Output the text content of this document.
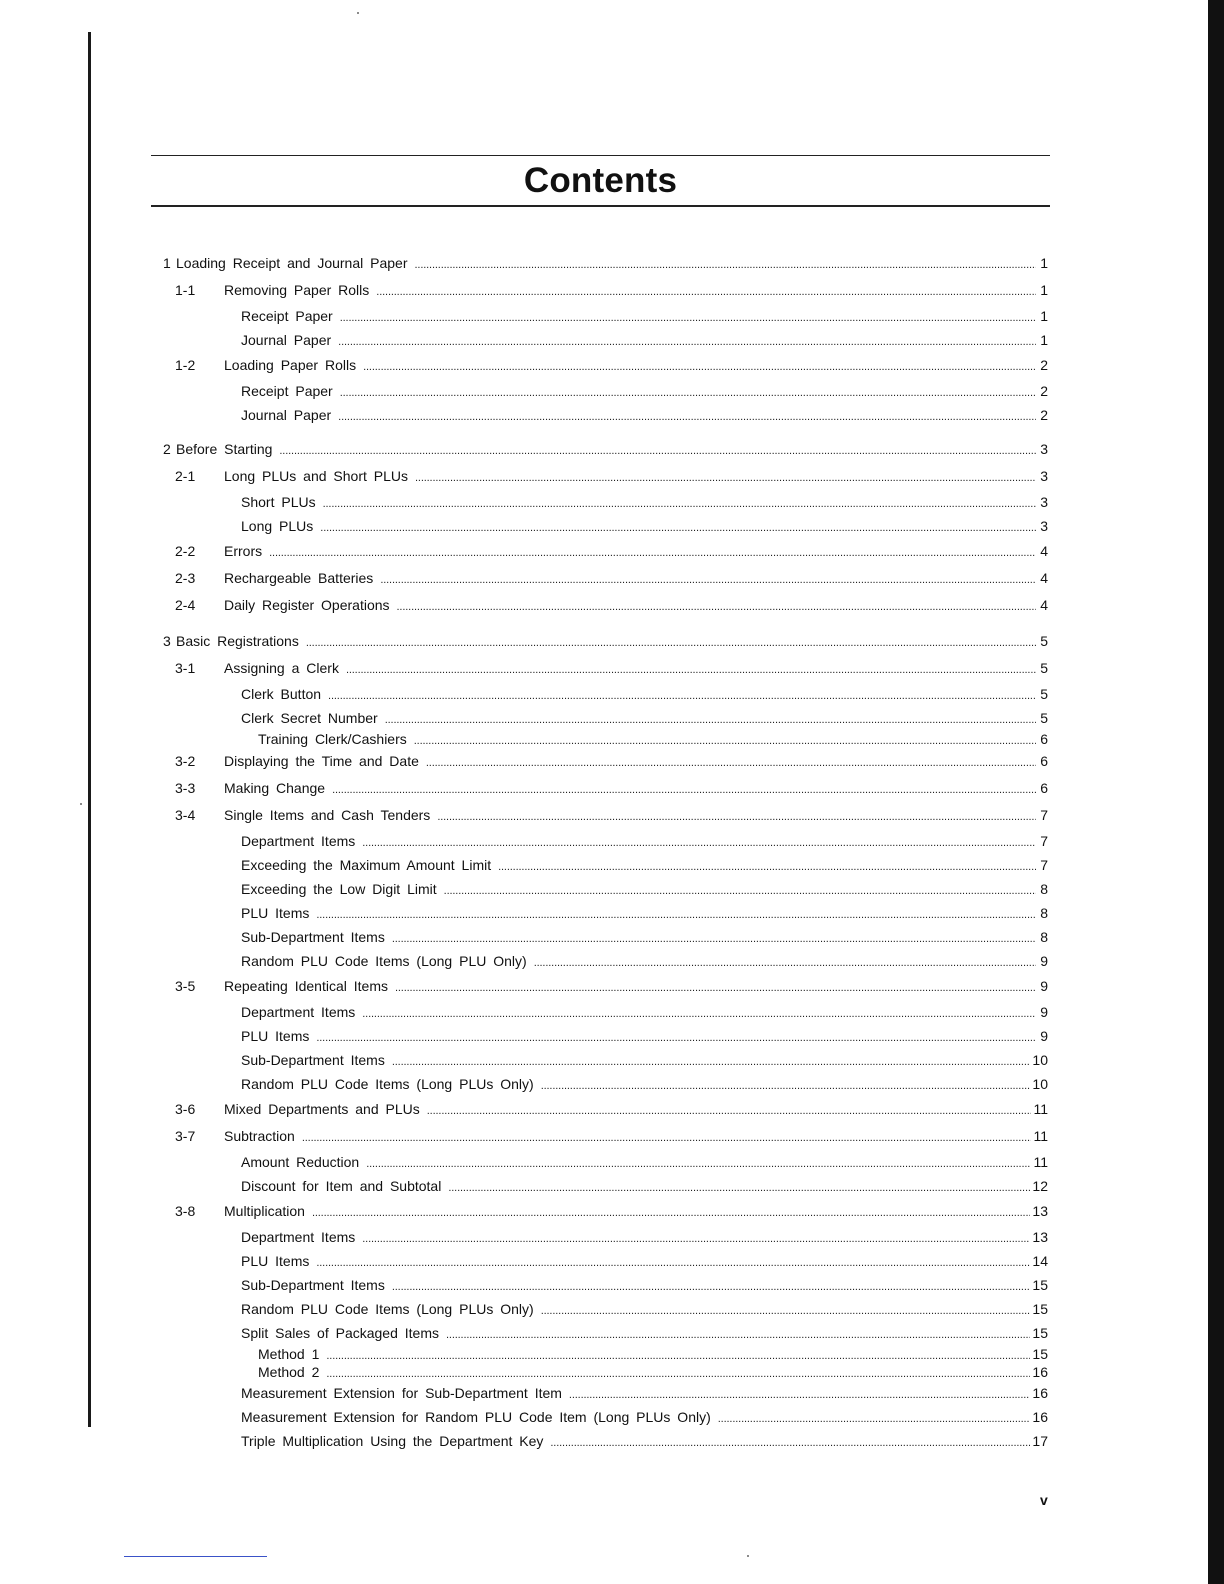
Contents
1 Loading Receipt and Journal Paper . . .	1
1-1	Removing Paper Rolls . . .	1
Receipt Paper . . .	1
Journal Paper . . .	1
1-2	Loading Paper Rolls . . .	2
Receipt Paper . . .	2
Journal Paper . . .	2
2 Before Starting . . .	3
2-1	Long PLUs and Short PLUs . . .	3
Short PLUs . . .	3
Long PLUs . . .	3
2-2	Errors . . .	4
2-3	Rechargeable Batteries . . .	4
2-4	Daily Register Operations . . .	4
3 Basic Registrations . . .	5
3-1	Assigning a Clerk . . .	5
Clerk Button . . .	5
Clerk Secret Number . . .	5
Training Clerk/Cashiers . . .	6
3-2	Displaying the Time and Date . . .	6
3-3	Making Change . . .	6
3-4	Single Items and Cash Tenders . . .	7
Department Items . . .	7
Exceeding the Maximum Amount Limit . . .	7
Exceeding the Low Digit Limit . . .	8
PLU Items . . .	8
Sub-Department Items . . .	8
Random PLU Code Items (Long PLU Only) . . .	9
3-5	Repeating Identical Items . . .	9
Department Items . . .	9
PLU Items . . .	9
Sub-Department Items . . .	10
Random PLU Code Items (Long PLUs Only) . . .	10
3-6	Mixed Departments and PLUs . . .	11
3-7	Subtraction . . .	11
Amount Reduction . . .	11
Discount for Item and Subtotal . . .	12
3-8	Multiplication . . .	13
Department Items . . .	13
PLU Items . . .	14
Sub-Department Items . . .	15
Random PLU Code Items (Long PLUs Only) . . .	15
Split Sales of Packaged Items . . .	15
Method 1 . . .	15
Method 2 . . .	16
Measurement Extension for Sub-Department Item . . .	16
Measurement Extension for Random PLU Code Item (Long PLUs Only) . . .	16
Triple Multiplication Using the Department Key . . .	17
v
